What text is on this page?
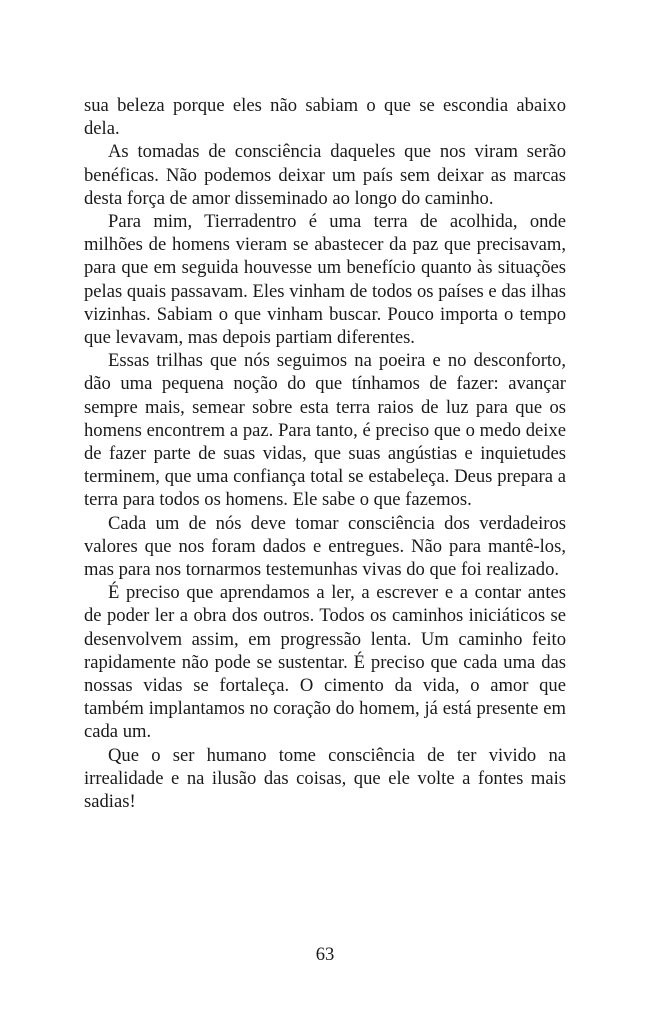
sua beleza porque eles não sabiam o que se escondia abaixo dela.

As tomadas de consciência daqueles que nos viram serão benéficas. Não podemos deixar um país sem deixar as marcas desta força de amor disseminado ao longo do caminho.

Para mim, Tierradentro é uma terra de acolhida, onde milhões de homens vieram se abastecer da paz que precisavam, para que em seguida houvesse um benefício quanto às situações pelas quais passavam. Eles vinham de todos os países e das ilhas vizinhas. Sabiam o que vinham buscar. Pouco importa o tempo que levavam, mas depois partiam diferentes.

Essas trilhas que nós seguimos na poeira e no desconforto, dão uma pequena noção do que tínhamos de fazer: avançar sempre mais, semear sobre esta terra raios de luz para que os homens encontrem a paz. Para tanto, é preciso que o medo deixe de fazer parte de suas vidas, que suas angústias e inquietudes terminem, que uma confiança total se estabeleça. Deus prepara a terra para todos os homens. Ele sabe o que fazemos.

Cada um de nós deve tomar consciência dos verdadeiros valores que nos foram dados e entregues. Não para mantê-los, mas para nos tornarmos testemunhas vivas do que foi realizado.

É preciso que aprendamos a ler, a escrever e a contar antes de poder ler a obra dos outros. Todos os caminhos iniciáticos se desenvolvem assim, em progressão lenta. Um caminho feito rapidamente não pode se sustentar. É preciso que cada uma das nossas vidas se fortaleça. O cimento da vida, o amor que também implantamos no coração do homem, já está presente em cada um.

Que o ser humano tome consciência de ter vivido na irrealidade e na ilusão das coisas, que ele volte a fontes mais sadias!

63
